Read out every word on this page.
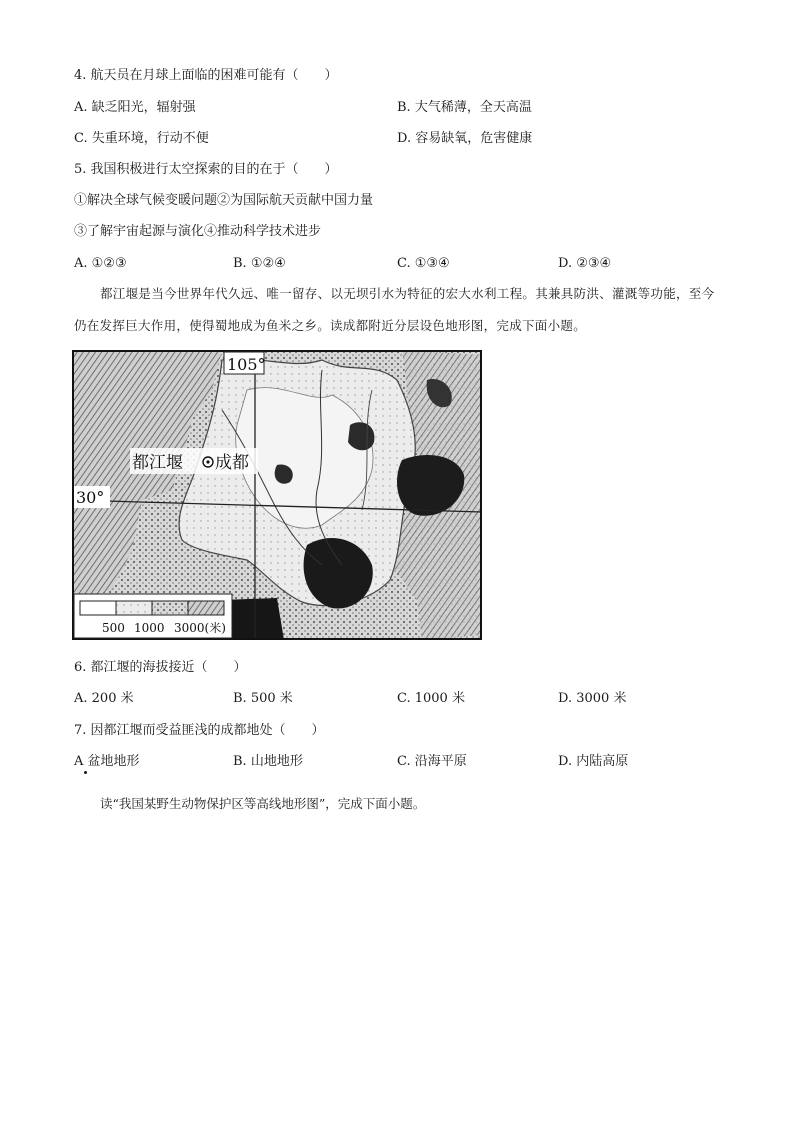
4. 航天员在月球上面临的困难可能有（　　）
A. 缺乏阳光，辐射强	B. 大气稀薄，全天高温
C. 失重环境，行动不便	D. 容易缺氧，危害健康
5. 我国积极进行太空探索的目的在于（　　）
①解决全球气候变暖问题②为国际航天贡献中国力量
③了解宇宙起源与演化④推动科学技术进步
A. ①②③	B. ①②④	C. ①③④	D. ②③④
都江堰是当今世界年代久远、唯一留存、以无坝引水为特征的宏大水利工程。其兼具防洪、灌溉等功能，至今仍在发挥巨大作用，使得蜀地成为鱼米之乡。读成都附近分层设色地形图，完成下面小题。
105°
30°
都江堰 成都
500 1000 3000(米)
6. 都江堰的海拔接近（　　）
A. 200 米	B. 500 米	C. 1000 米	D. 3000 米
7. 因都江堰而受益匪浅的成都地处（　　）
A 盆地地形	B. 山地地形	C. 沿海平原	D. 内陆高原
读“我国某野生动物保护区等高线地形图”，完成下面小题。
